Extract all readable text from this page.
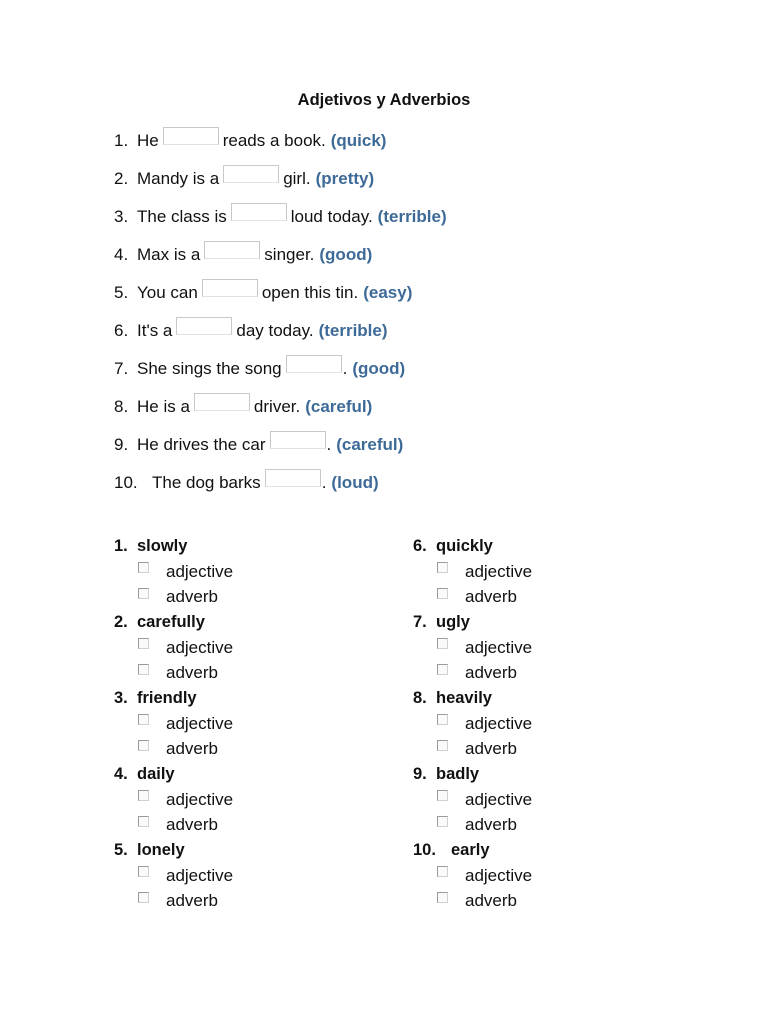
Adjetivos y Adverbios
1. He	reads a book. (quick)
2. Mandy is a	girl. (pretty)
3. The class is	loud today. (terrible)
4. Max is a	singer. (good)
5. You can	open this tin. (easy)
6. It's a	day today. (terrible)
7. She sings the song	. (good)
8. He is a	driver. (careful)
9. He drives the car	. (careful)
10. The dog barks	. (loud)
1. slowly
adjective
adverb
2. carefully
adjective
adverb
3. friendly
adjective
adverb
4. daily
adjective
adverb
5. lonely
adjective
adverb
6. quickly
adjective
adverb
7. ugly
adjective
adverb
8. heavily
adjective
adverb
9. badly
adjective
adverb
10. early
adjective
adverb
